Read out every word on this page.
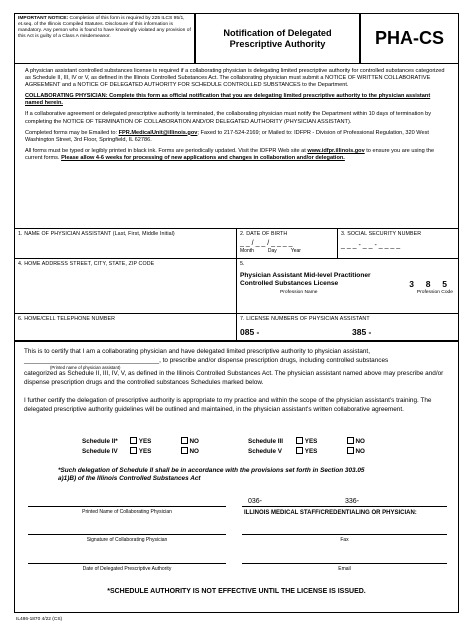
IMPORTANT NOTICE: Completion of this form is required by 225 ILCS 95/1, et.seq. of the Illinois Compiled Statutes. Disclosure of this information is mandatory. Any person who is found to have knowingly violated any provision of this Act is guilty of a Class A misdemeanor.	Notification of Delegated
Prescriptive Authority	PHA-CS

A physician assistant controlled substances license is required if a collaborating physician is delegating limited prescriptive authority for controlled substances categorized as Schedule II, III, IV or V, as defined in the Illinois Controlled Substances Act. The collaborating physician must submit a NOTICE OF WRITTEN COLLABORATIVE AGREEMENT and a NOTICE OF DELEGATED AUTHORITY FOR SCHEDULE CONTROLLED SUBSTANCES to the Department.

COLLABORATING PHYSICIAN: Complete this form as official notification that you are delegating limited prescriptive authority to the physician assistant named herein.

If a collaborative agreement or delegated prescriptive authority is terminated, the collaborating physician must notify the Department within 10 days of termination by completing the NOTICE OF TERMINATION OF COLLABORATION AND/OR DELEGATED AUTHORITY (PHYSICIAN ASSISTANT).

Completed forms may be Emailed to: FPR.MedicalUnit@illinois.gov; Faxed to 217-524-2169; or Mailed to: IDFPR - Division of Professional Regulation, 320 West Washington Street, 3rd Floor, Springfield, IL 62786.

All forms must be typed or legibly printed in black ink. Forms are periodically updated. Visit the IDFPR Web site at www.idfpr.illinois.gov to ensure you are using the current forms. Please allow 4-6 weeks for processing of new applications and changes in collaboration and/or delegation.

1. NAME OF PHYSICIAN ASSISTANT (Last, First, Middle Initial)	2. DATE OF BIRTH
_ _ / _ _ / _ _ _ _
Month	Day	Year
3. SOCIAL SECURITY NUMBER
_ _ _ - _ _ - _ _ _ _
4. HOME ADDRESS STREET, CITY, STATE, ZIP CODE	5.
Physician Assistant Mid-level Practitioner Controlled Substances License	3     8     5
Profession Name	Profession Code
6. HOME/CELL TELEPHONE NUMBER	7. LICENSE NUMBERS OF PHYSICIAN ASSISTANT
085 -	385 -
This is to certify that I am a collaborating physician and have delegated limited prescriptive authority to physician assistant,
______________________________________, to prescribe and/or dispense prescription drugs, including controlled substances
(Printed name of physician assistant)
categorized as Schedule II, III, IV, V, as defined in the Illinois Controlled Substances Act. The physician assistant named above may prescribe and/or dispense prescription drugs and the controlled substances Schedules marked below.
I further certify the delegation of prescriptive authority is appropriate to my practice and within the scope of the physician assistant's training. The delegated prescriptive authority guidelines will be outlined and maintained, in the physician assistant's written collaborative agreement.
Schedule II*	YES	NO
Schedule IV	YES	NO
Schedule III	YES	NO
Schedule V	YES	NO
*Such delegation of Schedule II shall be in accordance with the provisions set forth in Section 303.05 a)1)B) of the Illinois Controlled Substances Act
036-	336-
Printed Name of Collaborating Physician	ILLINOIS MEDICAL STAFF/CREDENTIALING OR PHYSICIAN:
Signature of Collaborating Physician	Fax
Date of Delegated Prescriptive Authority	Email
*SCHEDULE AUTHORITY IS NOT EFFECTIVE UNTIL THE LICENSE IS ISSUED.
IL486-1870 4/22 (CS)
